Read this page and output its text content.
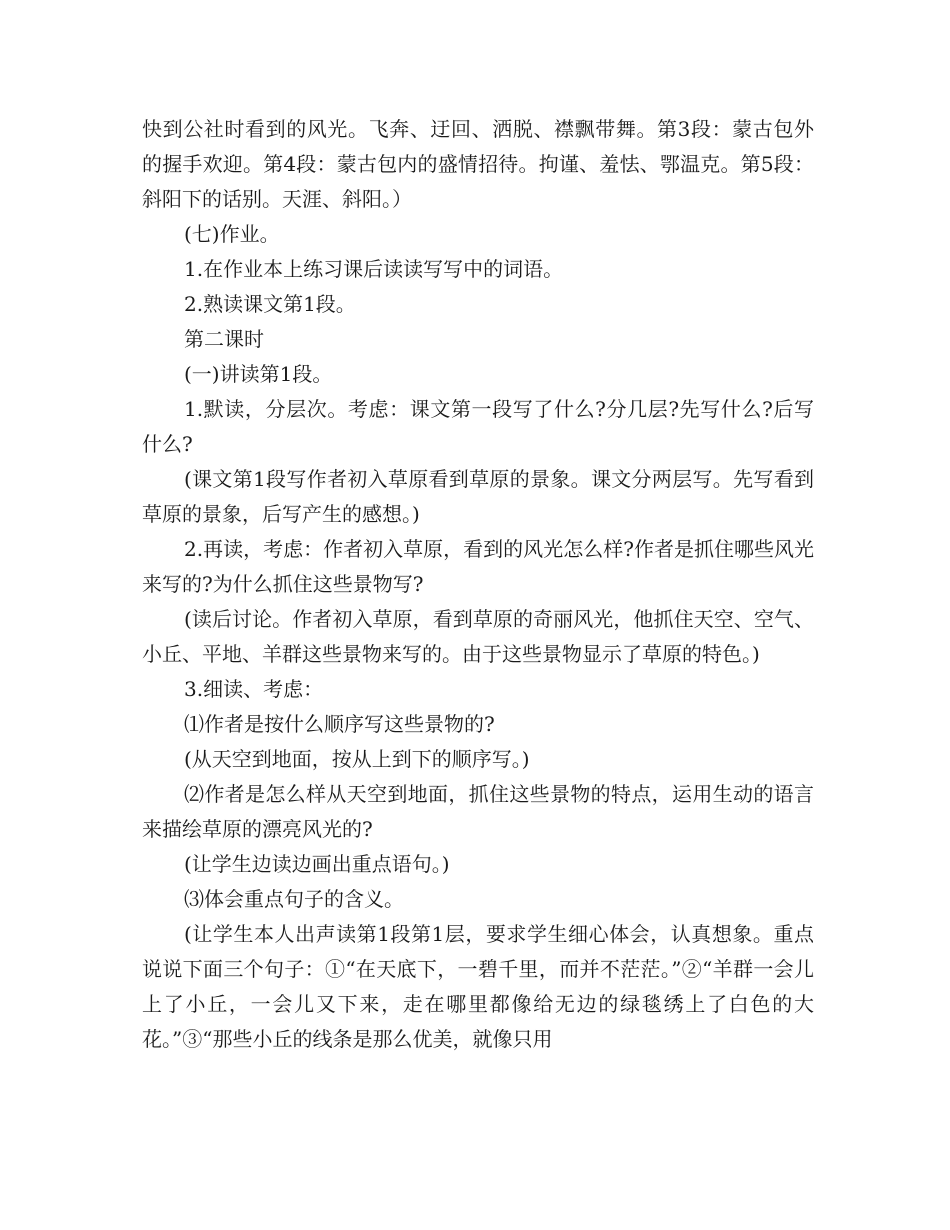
快到公社时看到的风光。飞奔、迂回、洒脱、襟飘带舞。第3段：蒙古包外的握手欢迎。第4段：蒙古包内的盛情招待。拘谨、羞怯、鄂温克。第5段：斜阳下的话别。天涯、斜阳。）

(七)作业。

1.在作业本上练习课后读读写写中的词语。

2.熟读课文第1段。

第二课时

(一)讲读第1段。

1.默读，分层次。考虑：课文第一段写了什么?分几层?先写什么?后写什么?

(课文第1段写作者初入草原看到草原的景象。课文分两层写。先写看到草原的景象，后写产生的感想。)

2.再读，考虑：作者初入草原，看到的风光怎么样?作者是抓住哪些风光来写的?为什么抓住这些景物写?

(读后讨论。作者初入草原，看到草原的奇丽风光，他抓住天空、空气、小丘、平地、羊群这些景物来写的。由于这些景物显示了草原的特色。)

3.细读、考虑：

⑴作者是按什么顺序写这些景物的?

(从天空到地面，按从上到下的顺序写。)

⑵作者是怎么样从天空到地面，抓住这些景物的特点，运用生动的语言来描绘草原的漂亮风光的?

(让学生边读边画出重点语句。)

⑶体会重点句子的含义。

(让学生本人出声读第1段第1层，要求学生细心体会，认真想象。重点说说下面三个句子：①“在天底下，一碧千里，而并不茫茫。”②“羊群一会儿上了小丘，一会儿又下来，走在哪里都像给无边的绿毯绣上了白色的大花。”③“那些小丘的线条是那么优美，就像只用
